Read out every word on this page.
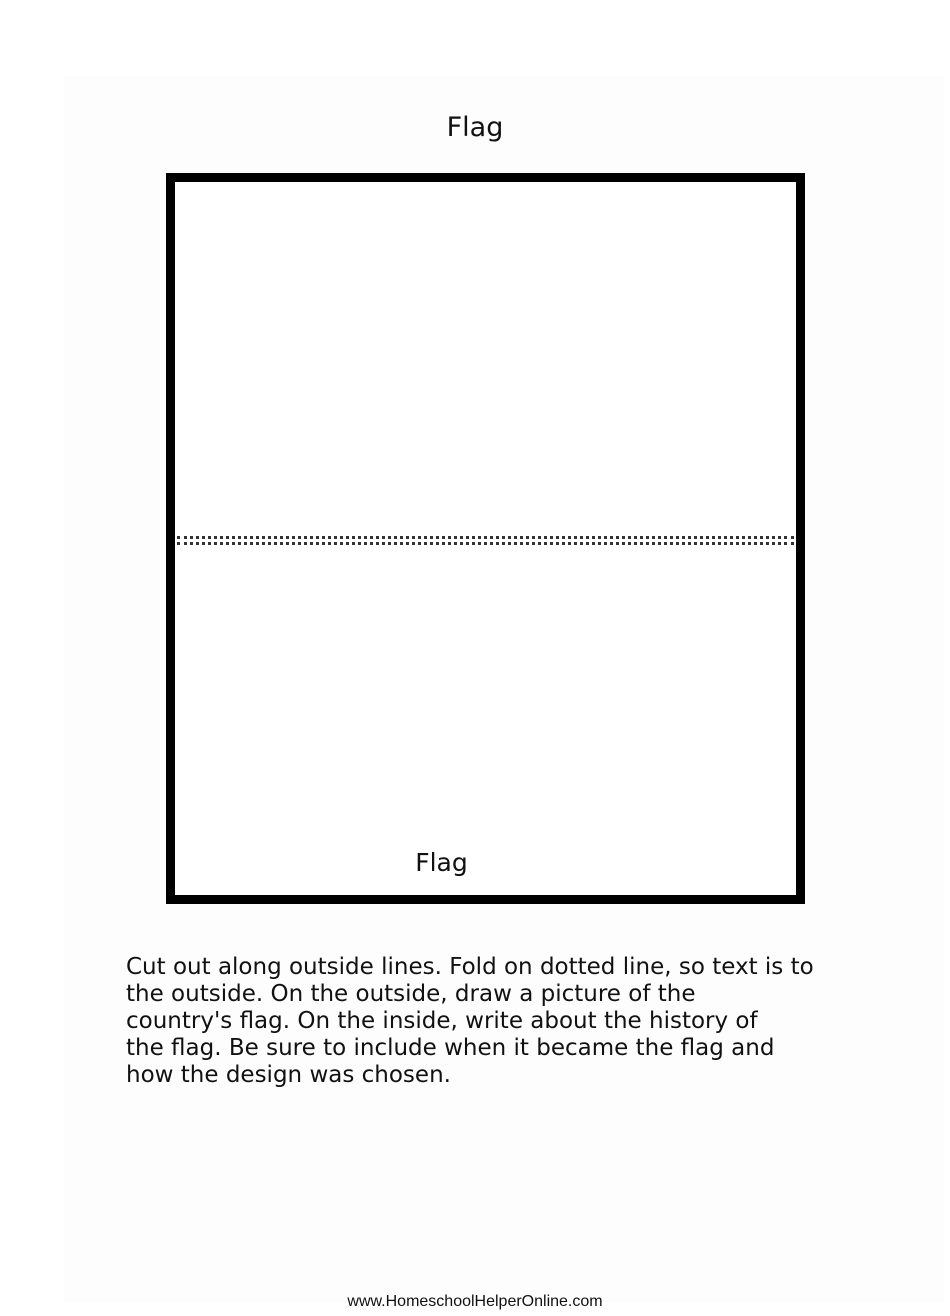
Flag
Flag
Cut out along outside lines. Fold on dotted line, so text is to
the outside. On the outside, draw a picture of the
country's flag. On the inside, write about the history of
the flag. Be sure to include when it became the flag and
how the design was chosen.
www.HomeschoolHelperOnline.com
